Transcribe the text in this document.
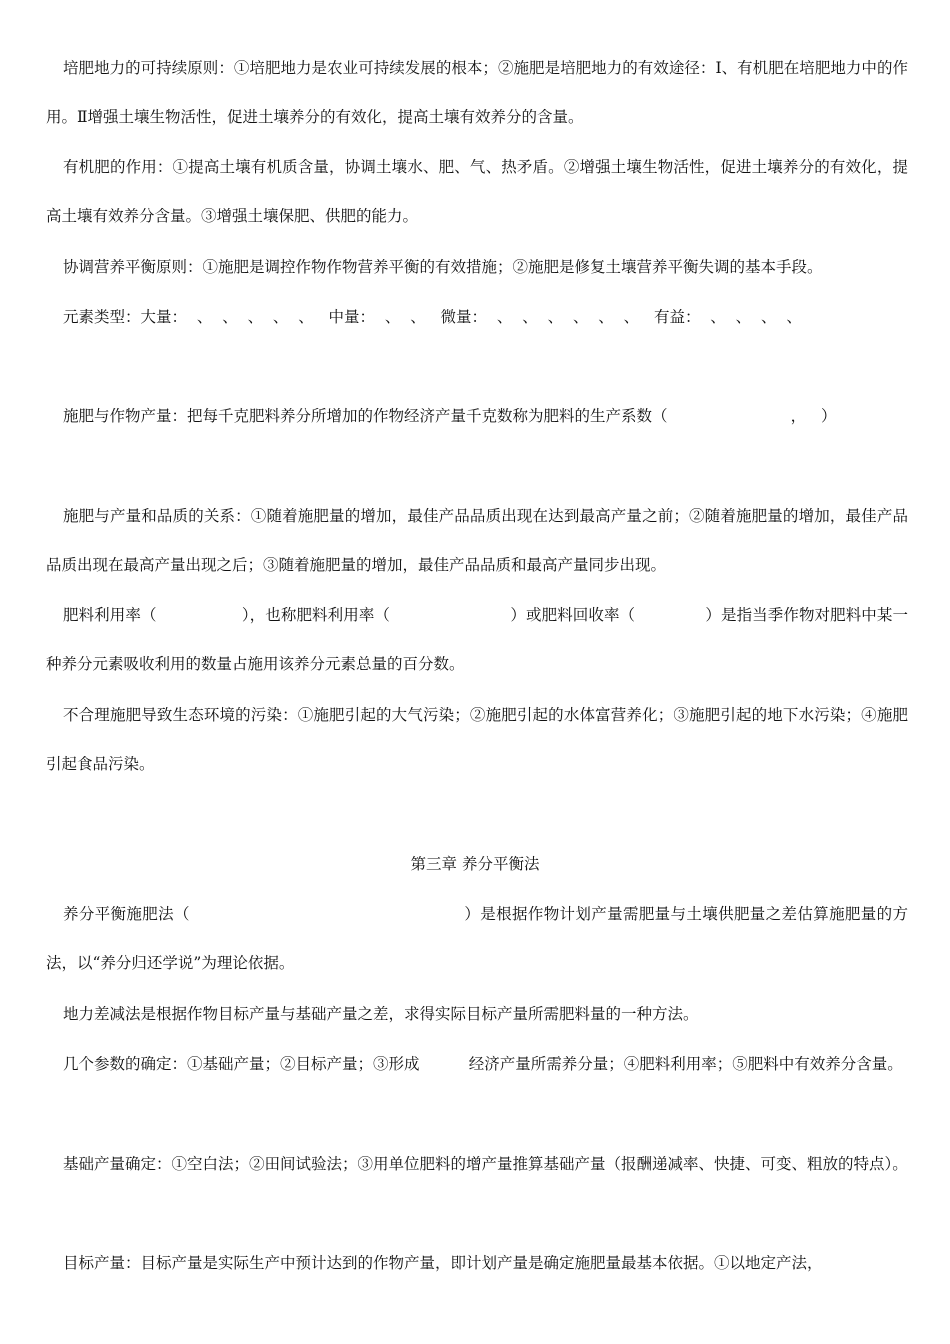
培肥地力的可持续原则：①培肥地力是农业可持续发展的根本；②施肥是培肥地力的有效途径：Ⅰ、有机肥在培肥地力中的作用。Ⅱ增强土壤生物活性，促进土壤养分的有效化，提高土壤有效养分的含量。

有机肥的作用：①提高土壤有机质含量，协调土壤水、肥、气、热矛盾。②增强土壤生物活性，促进土壤养分的有效化，提高土壤有效养分含量。③增强土壤保肥、供肥的能力。

协调营养平衡原则：①施肥是调控作物作物营养平衡的有效措施；②施肥是修复土壤营养平衡失调的基本手段。

元素类型：大量：  、  、  、  、  、   中量：  、  、   微量：  、  、  、  、  、  、   有益：  、  、  、  、

施肥与作物产量：把每千克肥料养分所增加的作物经济产量千克数称为肥料的生产系数（                         ，   ）

施肥与产量和品质的关系：①随着施肥量的增加，最佳产品品质出现在达到最高产量之前；②随着施肥量的增加，最佳产品品质出现在最高产量出现之后；③随着施肥量的增加，最佳产品品质和最高产量同步出现。

肥料利用率（                 ），也称肥料利用率（                        ）或肥料回收率（              ）是指当季作物对肥料中某一种养分元素吸收利用的数量占施用该养分元素总量的百分数。

不合理施肥导致生态环境的污染：①施肥引起的大气污染；②施肥引起的水体富营养化；③施肥引起的地下水污染；④施肥引起食品污染。

第三章 养分平衡法

养分平衡施肥法（                                                    ）是根据作物计划产量需肥量与土壤供肥量之差估算施肥量的方法，以“养分归还学说”为理论依据。

地力差减法是根据作物目标产量与基础产量之差，求得实际目标产量所需肥料量的一种方法。

几个参数的确定：①基础产量；②目标产量；③形成          经济产量所需养分量；④肥料利用率；⑤肥料中有效养分含量。

基础产量确定：①空白法；②田间试验法；③用单位肥料的增产量推算基础产量（报酬递减率、快捷、可变、粗放的特点）。

目标产量：目标产量是实际生产中预计达到的作物产量，即计划产量是确定施肥量最基本依据。①以地定产法，
